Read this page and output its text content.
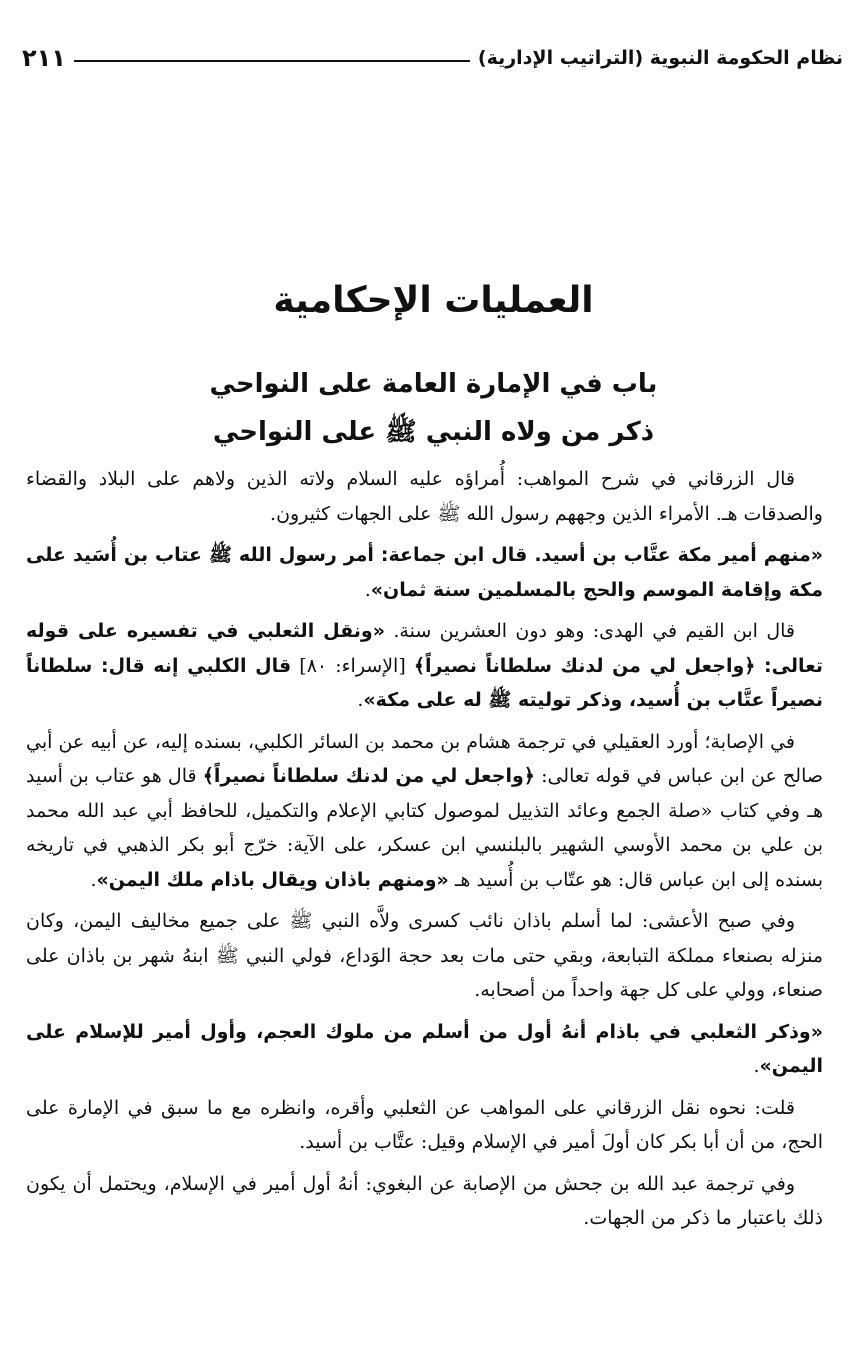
نظام الحكومة النبوية (التراتيب الإدارية)
٢١١
العمليات الإحكامية
باب في الإمارة العامة على النواحي
ذكر من ولاه النبي ﷺ على النواحي

قال الزرقاني في شرح المواهب: أُمراؤه عليه السلام ولاته الذين ولاهم على البلاد والقضاء والصدقات هـ. الأمراء الذين وجههم رسول الله ﷺ على الجهات كثيرون.

«منهم أمير مكة عتَّاب بن أسيد. قال ابن جماعة: أمر رسول الله ﷺ عتاب بن أُسَيد على مكة وإقامة الموسم والحج بالمسلمين سنة ثمان».

قال ابن القيم في الهدى: وهو دون العشرين سنة. «ونقل الثعلبي في تفسيره على قوله تعالى: ﴿واجعل لي من لدنك سلطاناً نصيراً﴾ [الإسراء: ٨٠] قال الكلبي إنه قال: سلطاناً نصيراً عتَّاب بن أُسيد، وذكر توليته ﷺ له على مكة».

في الإصابة؛ أورد العقيلي في ترجمة هشام بن محمد بن السائر الكلبي، بسنده إليه، عن أبيه عن أبي صالح عن ابن عباس في قوله تعالى: ﴿واجعل لي من لدنك سلطاناً نصيراً﴾ قال هو عتاب بن أسيد هـ وفي كتاب «صلة الجمع وعائد التذييل لموصول كتابي الإعلام والتكميل، للحافظ أبي عبد الله محمد بن علي بن محمد الأوسي الشهير بالبلنسي ابن عسكر، على الآية: خرّج أبو بكر الذهبي في تاريخه بسنده إلى ابن عباس قال: هو عتّاب بن أُسيد هـ «ومنهم باذان ويقال باذام ملك اليمن».

وفي صبح الأعشى: لما أسلم باذان نائب كسرى ولاَّه النبي ﷺ على جميع مخاليف اليمن، وكان منزله بصنعاء مملكة التبابعة، وبقي حتى مات بعد حجة الوَداع، فولي النبي ﷺ ابنهُ شهر بن باذان على صنعاء، وولي على كل جهة واحداً من أصحابه.

«وذكر الثعلبي في باذام أنهُ أول من أسلم من ملوك العجم، وأول أمير للإسلام على اليمن».

قلت: نحوه نقل الزرقاني على المواهب عن الثعلبي وأقره، وانظره مع ما سبق في الإمارة على الحج، من أن أبا بكر كان أولَ أمير في الإسلام وقيل: عتَّاب بن أسيد.

وفي ترجمة عبد الله بن جحش من الإصابة عن البغوي: أنهُ أول أمير في الإسلام، ويحتمل أن يكون ذلك باعتبار ما ذكر من الجهات.
